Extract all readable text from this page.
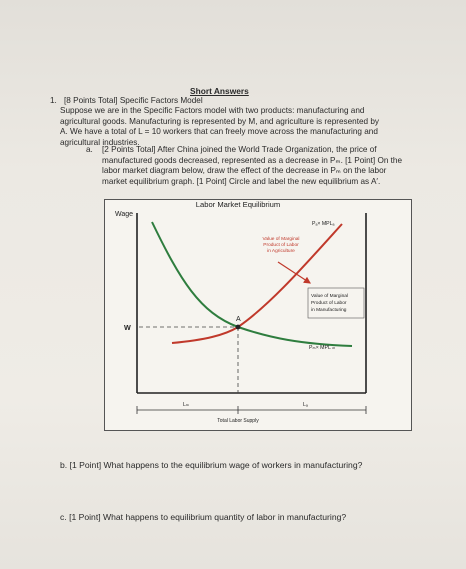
Short Answers
1. [8 Points Total] Specific Factors Model
Suppose we are in the Specific Factors model with two products: manufacturing and
agricultural goods. Manufacturing is represented by M, and agriculture is represented by
A. We have a total of L = 10 workers that can freely move across the manufacturing and
agricultural industries.
a.	[2 Points Total] After China joined the World Trade Organization, the price of
manufactured goods decreased, represented as a decrease in Pₘ. [1 Point] On the
labor market diagram below, draw the effect of the decrease in Pₘ on the labor
market equilibrium graph. [1 Point] Circle and label the new equilibrium as A′.
Labor Market Equilibrium
Wage
W
A
Pₐ× MPLₐ
Pₘ× MPL ₘ
Value of Marginal
Product of Labor
in Agriculture
Value of Marginal
Product of Labor
in Manufacturing
Lₘ	Lₐ
Total Labor Supply
b. [1 Point] What happens to the equilibrium wage of workers in manufacturing?
c. [1 Point] What happens to equilibrium quantity of labor in manufacturing?
